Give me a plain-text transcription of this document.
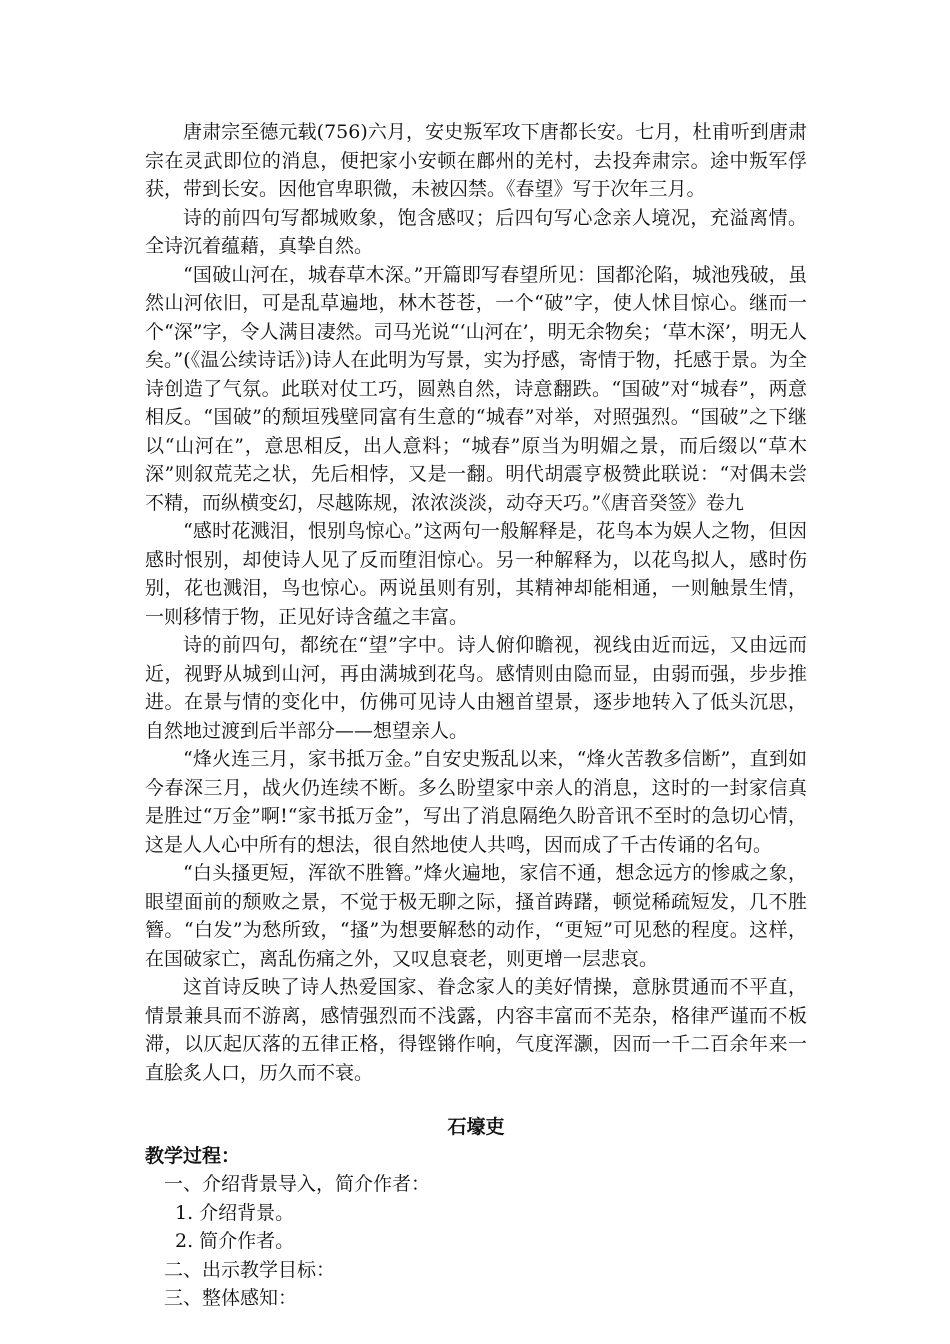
唐肃宗至德元载(756)六月，安史叛军攻下唐都长安。七月，杜甫听到唐肃宗在灵武即位的消息，便把家小安顿在鄜州的羌村，去投奔肃宗。途中叛军俘获，带到长安。因他官卑职微，未被囚禁。《春望》写于次年三月。

诗的前四句写都城败象，饱含感叹；后四句写心念亲人境况，充溢离情。全诗沉着蕴藉，真挚自然。

“国破山河在，城春草木深。”开篇即写春望所见：国都沦陷，城池残破，虽然山河依旧，可是乱草遍地，林木苍苍，一个“破”字，使人怵目惊心。继而一个“深”字，令人满目凄然。司马光说“‘山河在’，明无余物矣；‘草木深’，明无人矣。”(《温公续诗话》)诗人在此明为写景，实为抒感，寄情于物，托感于景。为全诗创造了气氛。此联对仗工巧，圆熟自然，诗意翻跌。“国破”对“城春”，两意相反。“国破”的颓垣残壁同富有生意的“城春”对举，对照强烈。“国破”之下继以“山河在”，意思相反，出人意料；“城春”原当为明媚之景，而后缀以“草木深”则叙荒芜之状，先后相悖，又是一翻。明代胡震亨极赞此联说：“对偶未尝不精，而纵横变幻，尽越陈规，浓浓淡淡，动夺天巧。”《唐音癸签》卷九

“感时花溅泪，恨别鸟惊心。”这两句一般解释是，花鸟本为娱人之物，但因感时恨别，却使诗人见了反而堕泪惊心。另一种解释为，以花鸟拟人，感时伤别，花也溅泪，鸟也惊心。两说虽则有别，其精神却能相通，一则触景生情，一则移情于物，正见好诗含蕴之丰富。

诗的前四句，都统在“望”字中。诗人俯仰瞻视，视线由近而远，又由远而近，视野从城到山河，再由满城到花鸟。感情则由隐而显，由弱而强，步步推进。在景与情的变化中，仿佛可见诗人由翘首望景，逐步地转入了低头沉思，自然地过渡到后半部分——想望亲人。

“烽火连三月，家书抵万金。”自安史叛乱以来，“烽火苦教多信断”，直到如今春深三月，战火仍连续不断。多么盼望家中亲人的消息，这时的一封家信真是胜过“万金”啊!“家书抵万金”，写出了消息隔绝久盼音讯不至时的急切心情，这是人人心中所有的想法，很自然地使人共鸣，因而成了千古传诵的名句。

“白头搔更短，浑欲不胜簪。”烽火遍地，家信不通，想念远方的惨戚之象，眼望面前的颓败之景，不觉于极无聊之际，搔首踌躇，顿觉稀疏短发，几不胜簪。“白发”为愁所致，“搔”为想要解愁的动作，“更短”可见愁的程度。这样，在国破家亡，离乱伤痛之外，又叹息衰老，则更增一层悲哀。

这首诗反映了诗人热爱国家、眷念家人的美好情操，意脉贯通而不平直，情景兼具而不游离，感情强烈而不浅露，内容丰富而不芜杂，格律严谨而不板滞，以仄起仄落的五律正格，得铿锵作响，气度浑灏，因而一千二百余年来一直脍炙人口，历久而不衰。

石壕吏
教学过程：
一、介绍背景导入，简介作者：
1. 介绍背景。
2. 简介作者。
二、出示教学目标：
三、整体感知：
